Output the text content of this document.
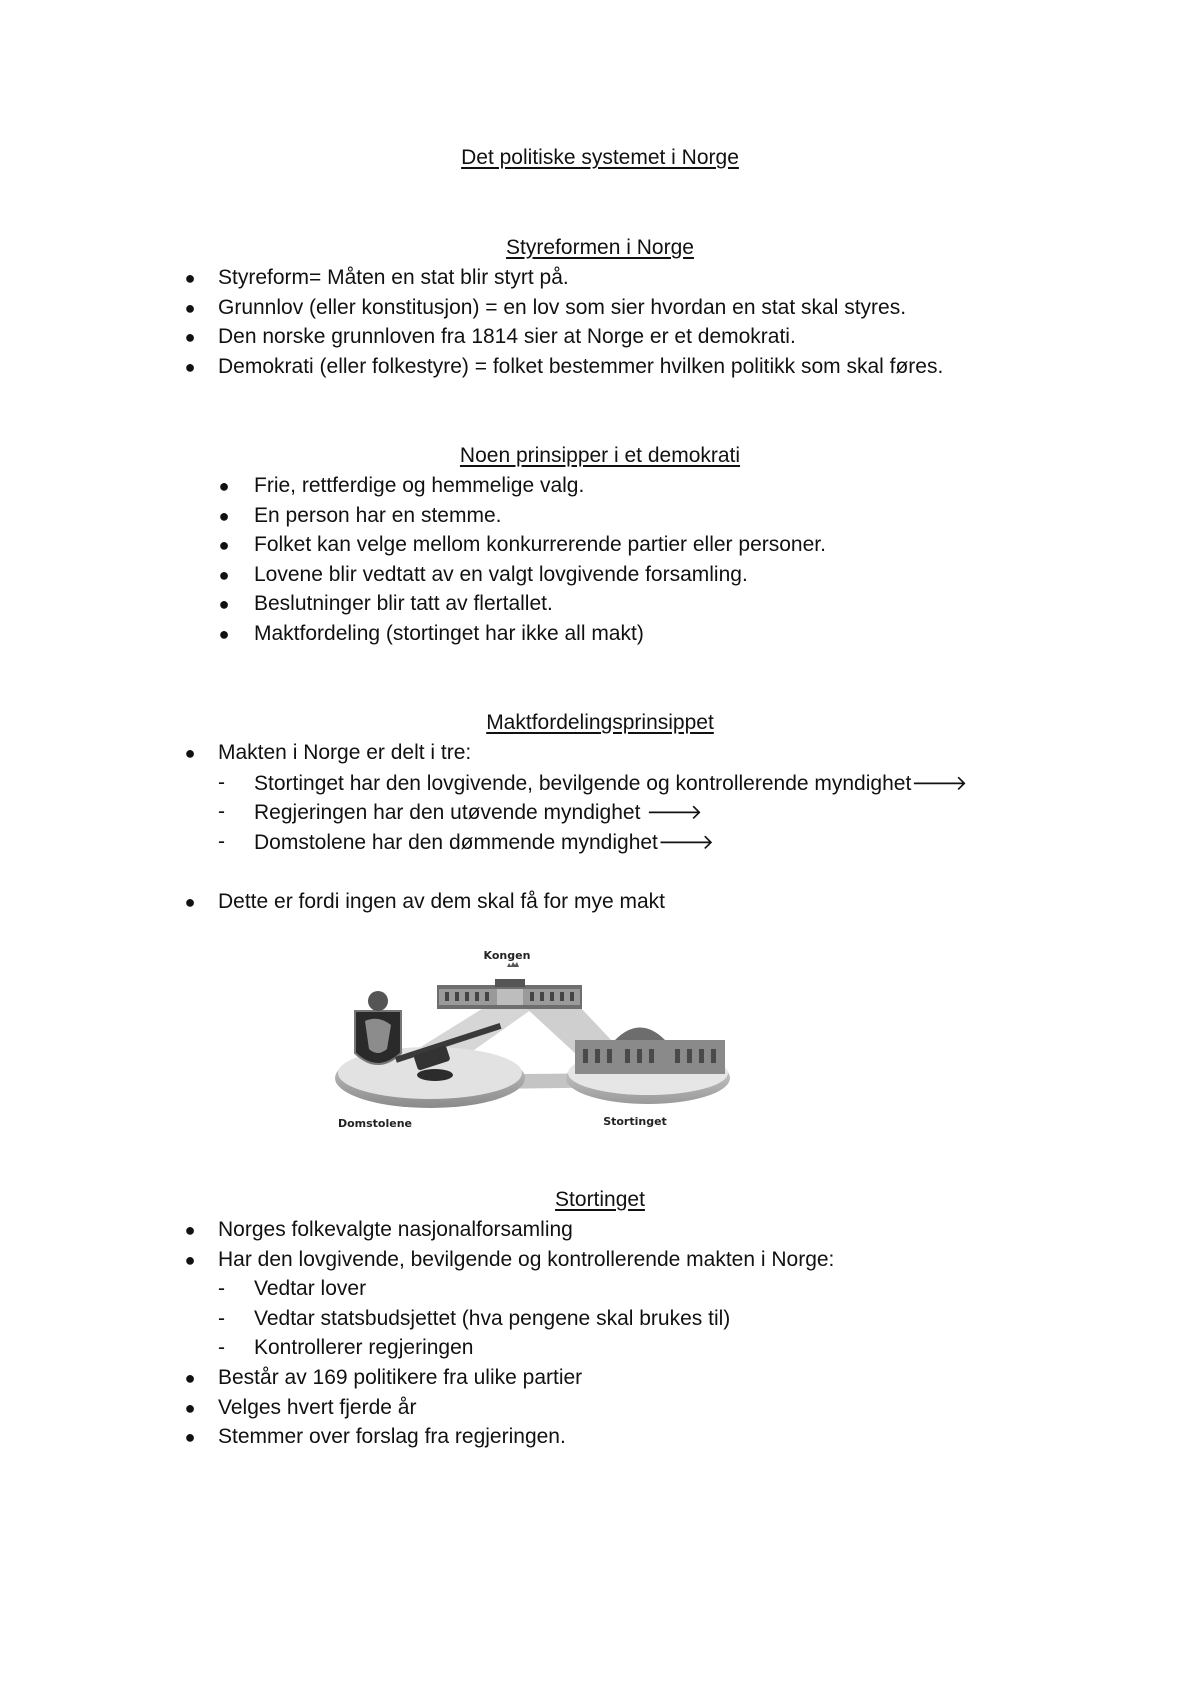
Det politiske systemet i Norge
Styreformen i Norge
● Styreform= Måten en stat blir styrt på.
● Grunnlov (eller konstitusjon) = en lov som sier hvordan en stat skal styres.
● Den norske grunnloven fra 1814 sier at Norge er et demokrati.
● Demokrati (eller folkestyre) = folket bestemmer hvilken politikk som skal føres.
Noen prinsipper i et demokrati
● Frie, rettferdige og hemmelige valg.
● En person har en stemme.
● Folket kan velge mellom konkurrerende partier eller personer.
● Lovene blir vedtatt av en valgt lovgivende forsamling.
● Beslutninger blir tatt av flertallet.
● Maktfordeling (stortinget har ikke all makt)
Maktfordelingsprinsippet
● Makten i Norge er delt i tre:
- Stortinget har den lovgivende, bevilgende og kontrollerende myndighet🡒
- Regjeringen har den utøvende myndighet 🡒
- Domstolene har den dømmende myndighet🡒
● Dette er fordi ingen av dem skal få for mye makt
Kongen
Domstolene	Stortinget
Stortinget
● Norges folkevalgte nasjonalforsamling
● Har den lovgivende, bevilgende og kontrollerende makten i Norge:
- Vedtar lover
- Vedtar statsbudsjettet (hva pengene skal brukes til)
- Kontrollerer regjeringen
● Består av 169 politikere fra ulike partier
● Velges hvert fjerde år
● Stemmer over forslag fra regjeringen.
